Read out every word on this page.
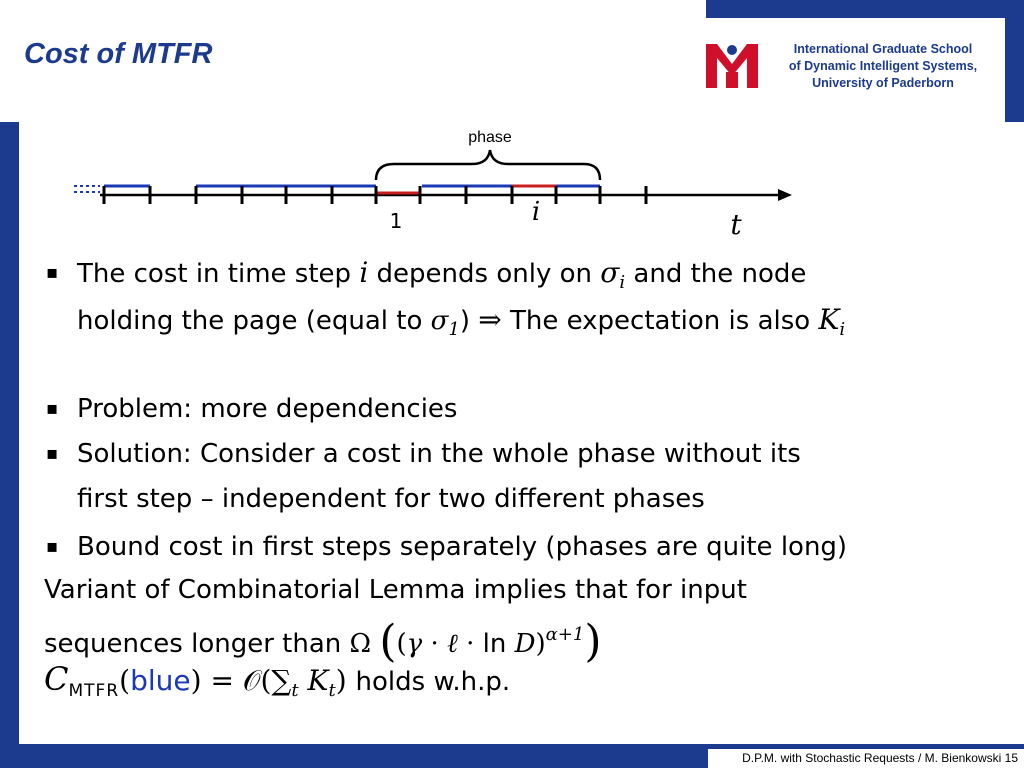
Cost of MTFR	International Graduate School
of Dynamic Intelligent Systems,
University of Paderborn
phase
1	i	t
▪ The cost in time step i depends only on $\sigma_i$ and the node
holding the page (equal to $\sigma_1$) ⇒ The expectation is also $K_i$
▪ Problem: more dependencies
▪ Solution: Consider a cost in the whole phase without its
first step – independent for two different phases
▪ Bound cost in first steps separately (phases are quite long)
Variant of Combinatorial Lemma implies that for input
sequences longer than Ω ((γ · ℓ · ln D)$^{\alpha+1}$)
$C_{MTFR}(blue)$ = $𝒪(\sum_t$ $K_t$) holds w.h.p.
D.P.M. with Stochastic Requests / M. Bienkowski 15
